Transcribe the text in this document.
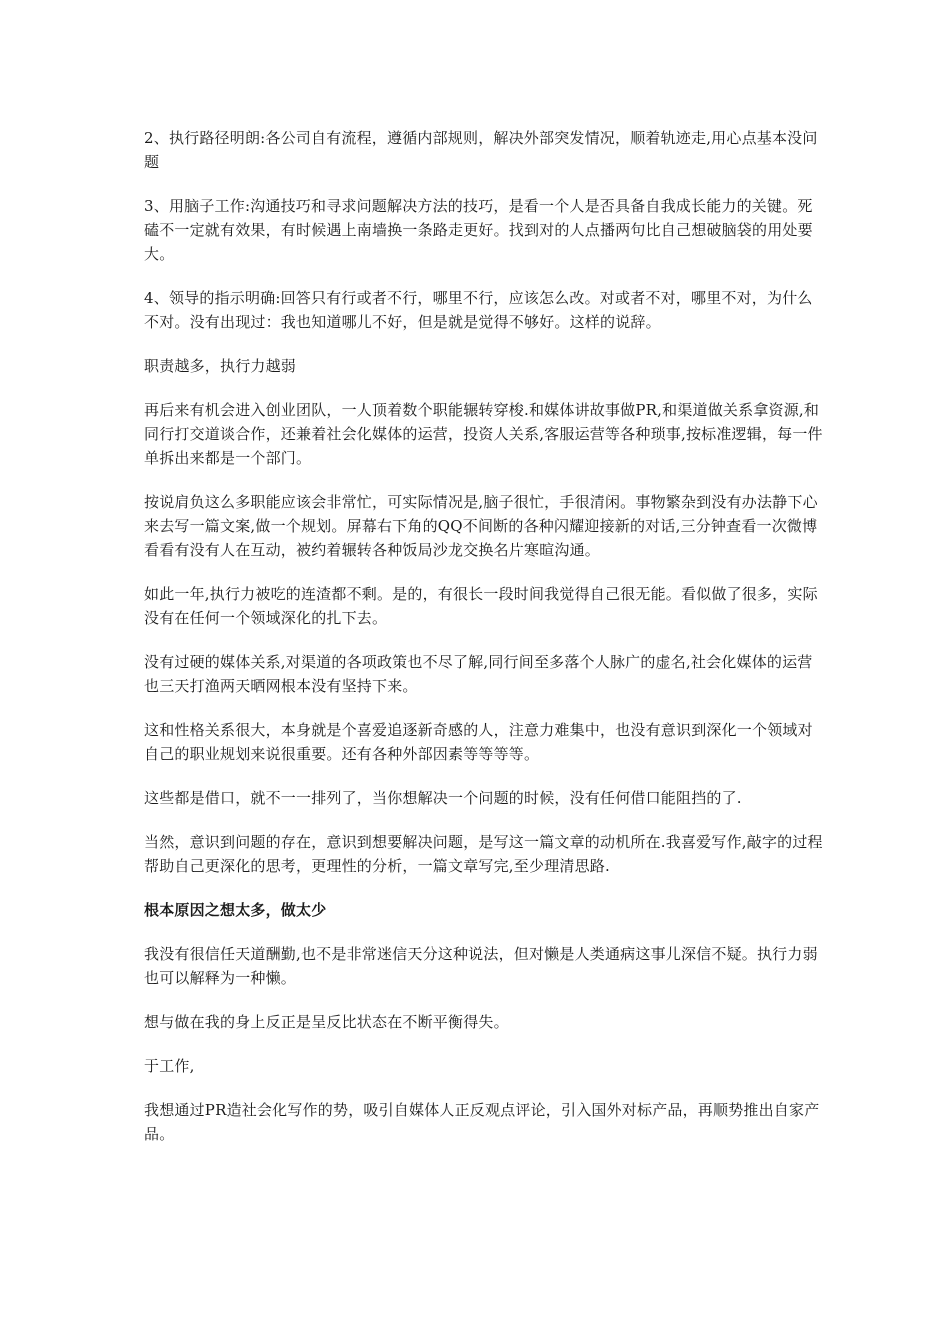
2、执行路径明朗:各公司自有流程，遵循内部规则，解决外部突发情况，顺着轨迹走,用心点基本没问题

3、用脑子工作:沟通技巧和寻求问题解决方法的技巧，是看一个人是否具备自我成长能力的关键。死磕不一定就有效果，有时候遇上南墙换一条路走更好。找到对的人点播两句比自己想破脑袋的用处要大。

4、领导的指示明确:回答只有行或者不行，哪里不行，应该怎么改。对或者不对，哪里不对，为什么不对。没有出现过：我也知道哪儿不好，但是就是觉得不够好。这样的说辞。

职责越多，执行力越弱

再后来有机会进入创业团队，一人顶着数个职能辗转穿梭.和媒体讲故事做PR,和渠道做关系拿资源,和同行打交道谈合作，还兼着社会化媒体的运营，投资人关系,客服运营等各种琐事,按标准逻辑，每一件单拆出来都是一个部门。

按说肩负这么多职能应该会非常忙，可实际情况是,脑子很忙，手很清闲。事物繁杂到没有办法静下心来去写一篇文案,做一个规划。屏幕右下角的QQ不间断的各种闪耀迎接新的对话,三分钟查看一次微博看看有没有人在互动，被约着辗转各种饭局沙龙交换名片寒暄沟通。

如此一年,执行力被吃的连渣都不剩。是的，有很长一段时间我觉得自己很无能。看似做了很多，实际没有在任何一个领域深化的扎下去。

没有过硬的媒体关系,对渠道的各项政策也不尽了解,同行间至多落个人脉广的虚名,社会化媒体的运营也三天打渔两天晒网根本没有坚持下来。

这和性格关系很大，本身就是个喜爱追逐新奇感的人，注意力难集中，也没有意识到深化一个领域对自己的职业规划来说很重要。还有各种外部因素等等等等。

这些都是借口，就不一一排列了，当你想解决一个问题的时候，没有任何借口能阻挡的了.

当然，意识到问题的存在，意识到想要解决问题，是写这一篇文章的动机所在.我喜爱写作,敲字的过程帮助自己更深化的思考，更理性的分析，一篇文章写完,至少理清思路.

根本原因之想太多，做太少

我没有很信任天道酬勤,也不是非常迷信天分这种说法，但对懒是人类通病这事儿深信不疑。执行力弱也可以解释为一种懒。

想与做在我的身上反正是呈反比状态在不断平衡得失。

于工作,

我想通过PR造社会化写作的势，吸引自媒体人正反观点评论，引入国外对标产品，再顺势推出自家产品。
